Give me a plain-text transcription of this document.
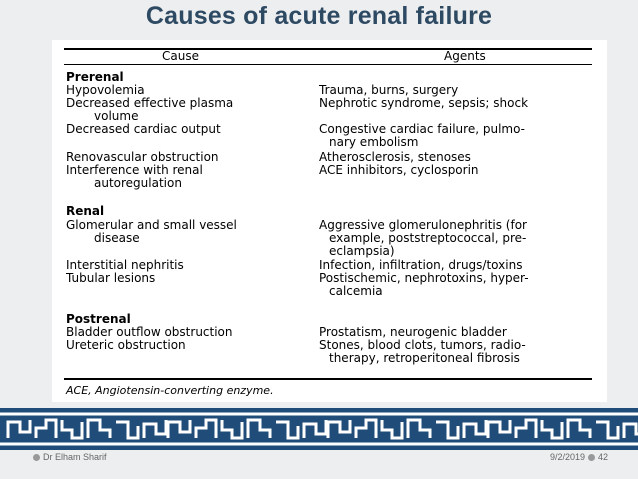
Causes of acute renal failure
Cause	Agents
Prerenal
Hypovolemia
Decreased effective plasma
volume
Decreased cardiac output
Renovascular obstruction
Interference with renal
autoregulation
Renal
Glomerular and small vessel
disease
Interstitial nephritis
Tubular lesions
Postrenal
Bladder outflow obstruction
Ureteric obstruction
Trauma, burns, surgery
Nephrotic syndrome, sepsis; shock
Congestive cardiac failure, pulmo-
nary embolism
Atherosclerosis, stenoses
ACE inhibitors, cyclosporin
Aggressive glomerulonephritis (for
example, poststreptococcal, pre-
eclampsia)
Infection, infiltration, drugs/toxins
Postischemic, nephrotoxins, hyper-
calcemia
Prostatism, neurogenic bladder
Stones, blood clots, tumors, radio-
therapy, retroperitoneal fibrosis
ACE, Angiotensin-converting enzyme.
Dr Elham Sharif	9/2/2019 42
